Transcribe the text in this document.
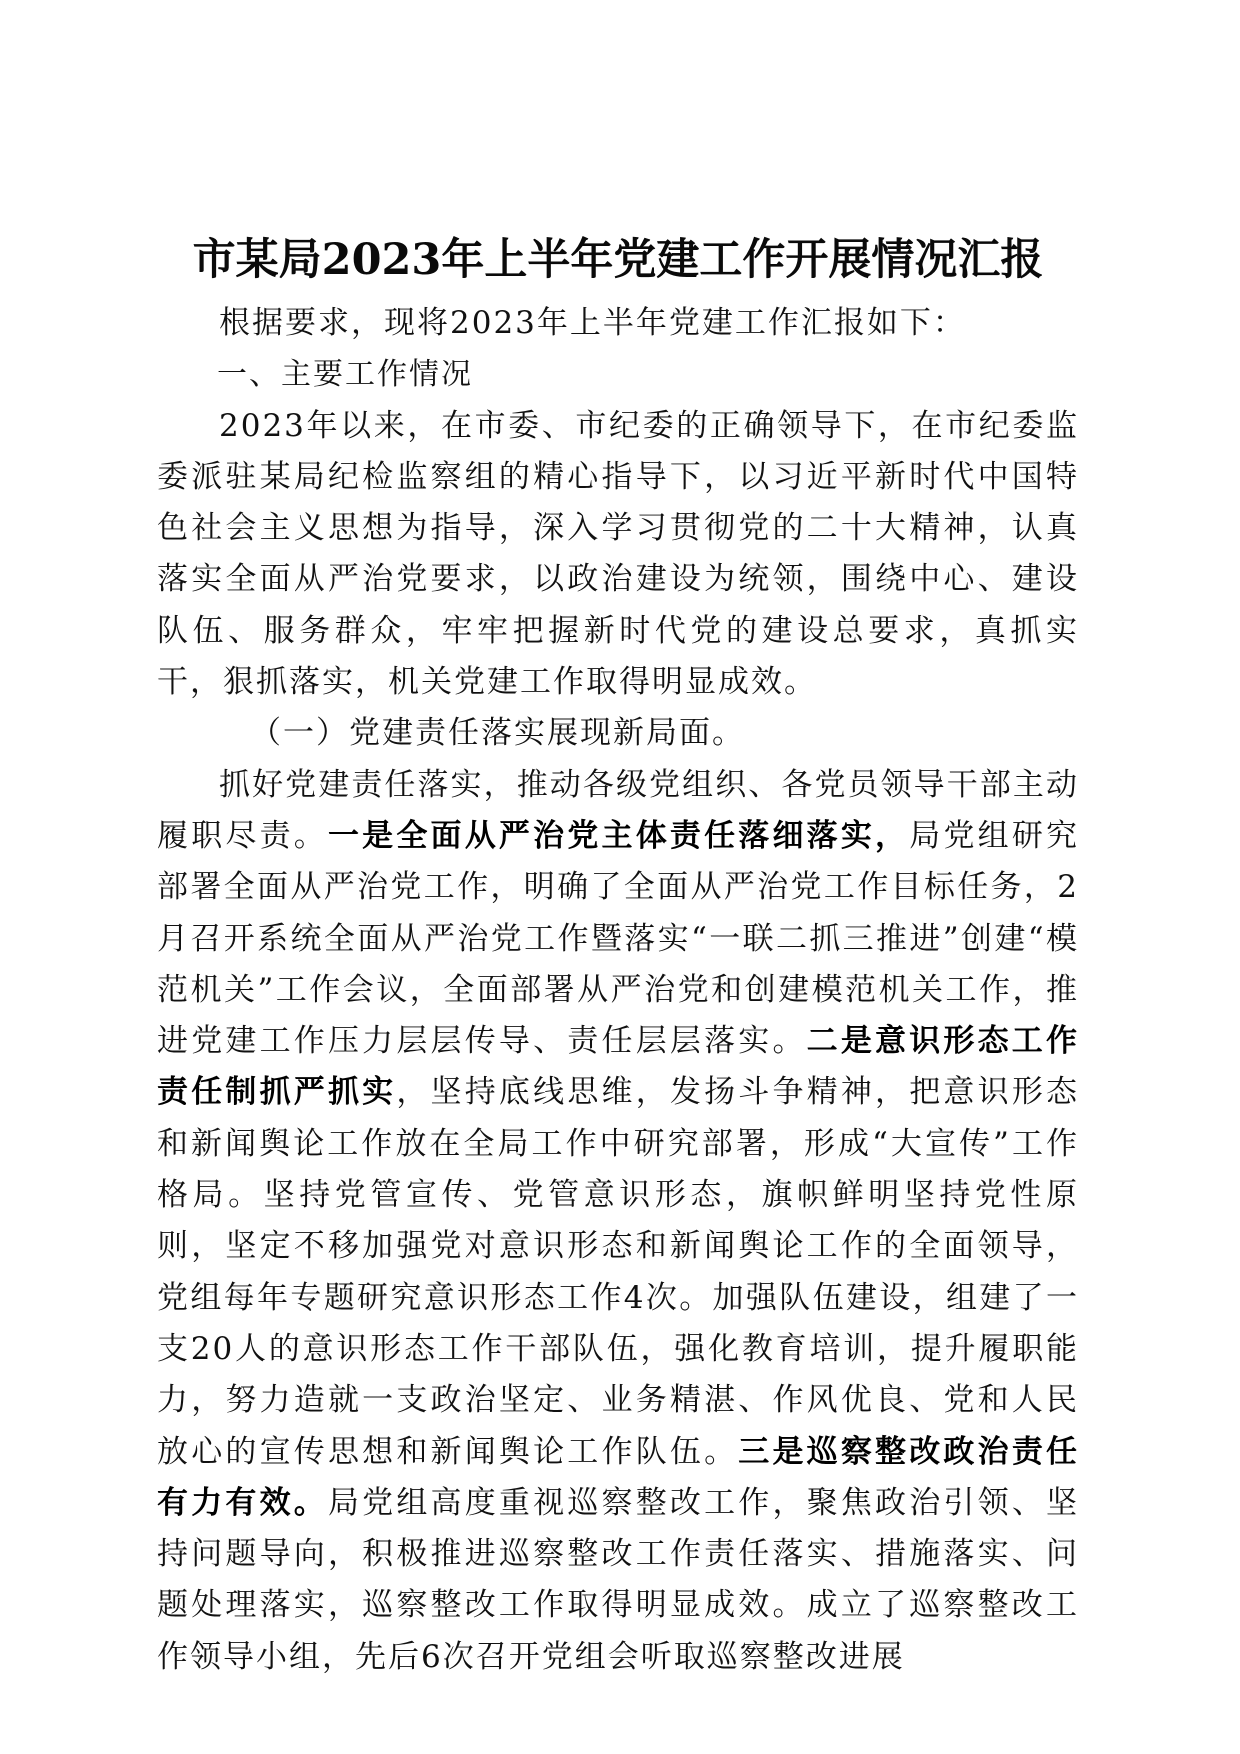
市某局2023年上半年党建工作开展情况汇报

根据要求，现将2023年上半年党建工作汇报如下：

一、主要工作情况

2023年以来，在市委、市纪委的正确领导下，在市纪委监委派驻某局纪检监察组的精心指导下，以习近平新时代中国特色社会主义思想为指导，深入学习贯彻党的二十大精神，认真落实全面从严治党要求，以政治建设为统领，围绕中心、建设队伍、服务群众，牢牢把握新时代党的建设总要求，真抓实干，狠抓落实，机关党建工作取得明显成效。

（一）党建责任落实展现新局面。

抓好党建责任落实，推动各级党组织、各党员领导干部主动履职尽责。一是全面从严治党主体责任落细落实，局党组研究部署全面从严治党工作，明确了全面从严治党工作目标任务，2月召开系统全面从严治党工作暨落实“一联二抓三推进”创建“模范机关”工作会议，全面部署从严治党和创建模范机关工作，推进党建工作压力层层传导、责任层层落实。二是意识形态工作责任制抓严抓实，坚持底线思维，发扬斗争精神，把意识形态和新闻舆论工作放在全局工作中研究部署，形成“大宣传”工作格局。坚持党管宣传、党管意识形态，旗帜鲜明坚持党性原则，坚定不移加强党对意识形态和新闻舆论工作的全面领导，党组每年专题研究意识形态工作4次。加强队伍建设，组建了一支20人的意识形态工作干部队伍，强化教育培训，提升履职能力，努力造就一支政治坚定、业务精湛、作风优良、党和人民放心的宣传思想和新闻舆论工作队伍。三是巡察整改政治责任有力有效。局党组高度重视巡察整改工作，聚焦政治引领、坚持问题导向，积极推进巡察整改工作责任落实、措施落实、问题处理落实，巡察整改工作取得明显成效。成立了巡察整改工作领导小组，先后6次召开党组会听取巡察整改进展
